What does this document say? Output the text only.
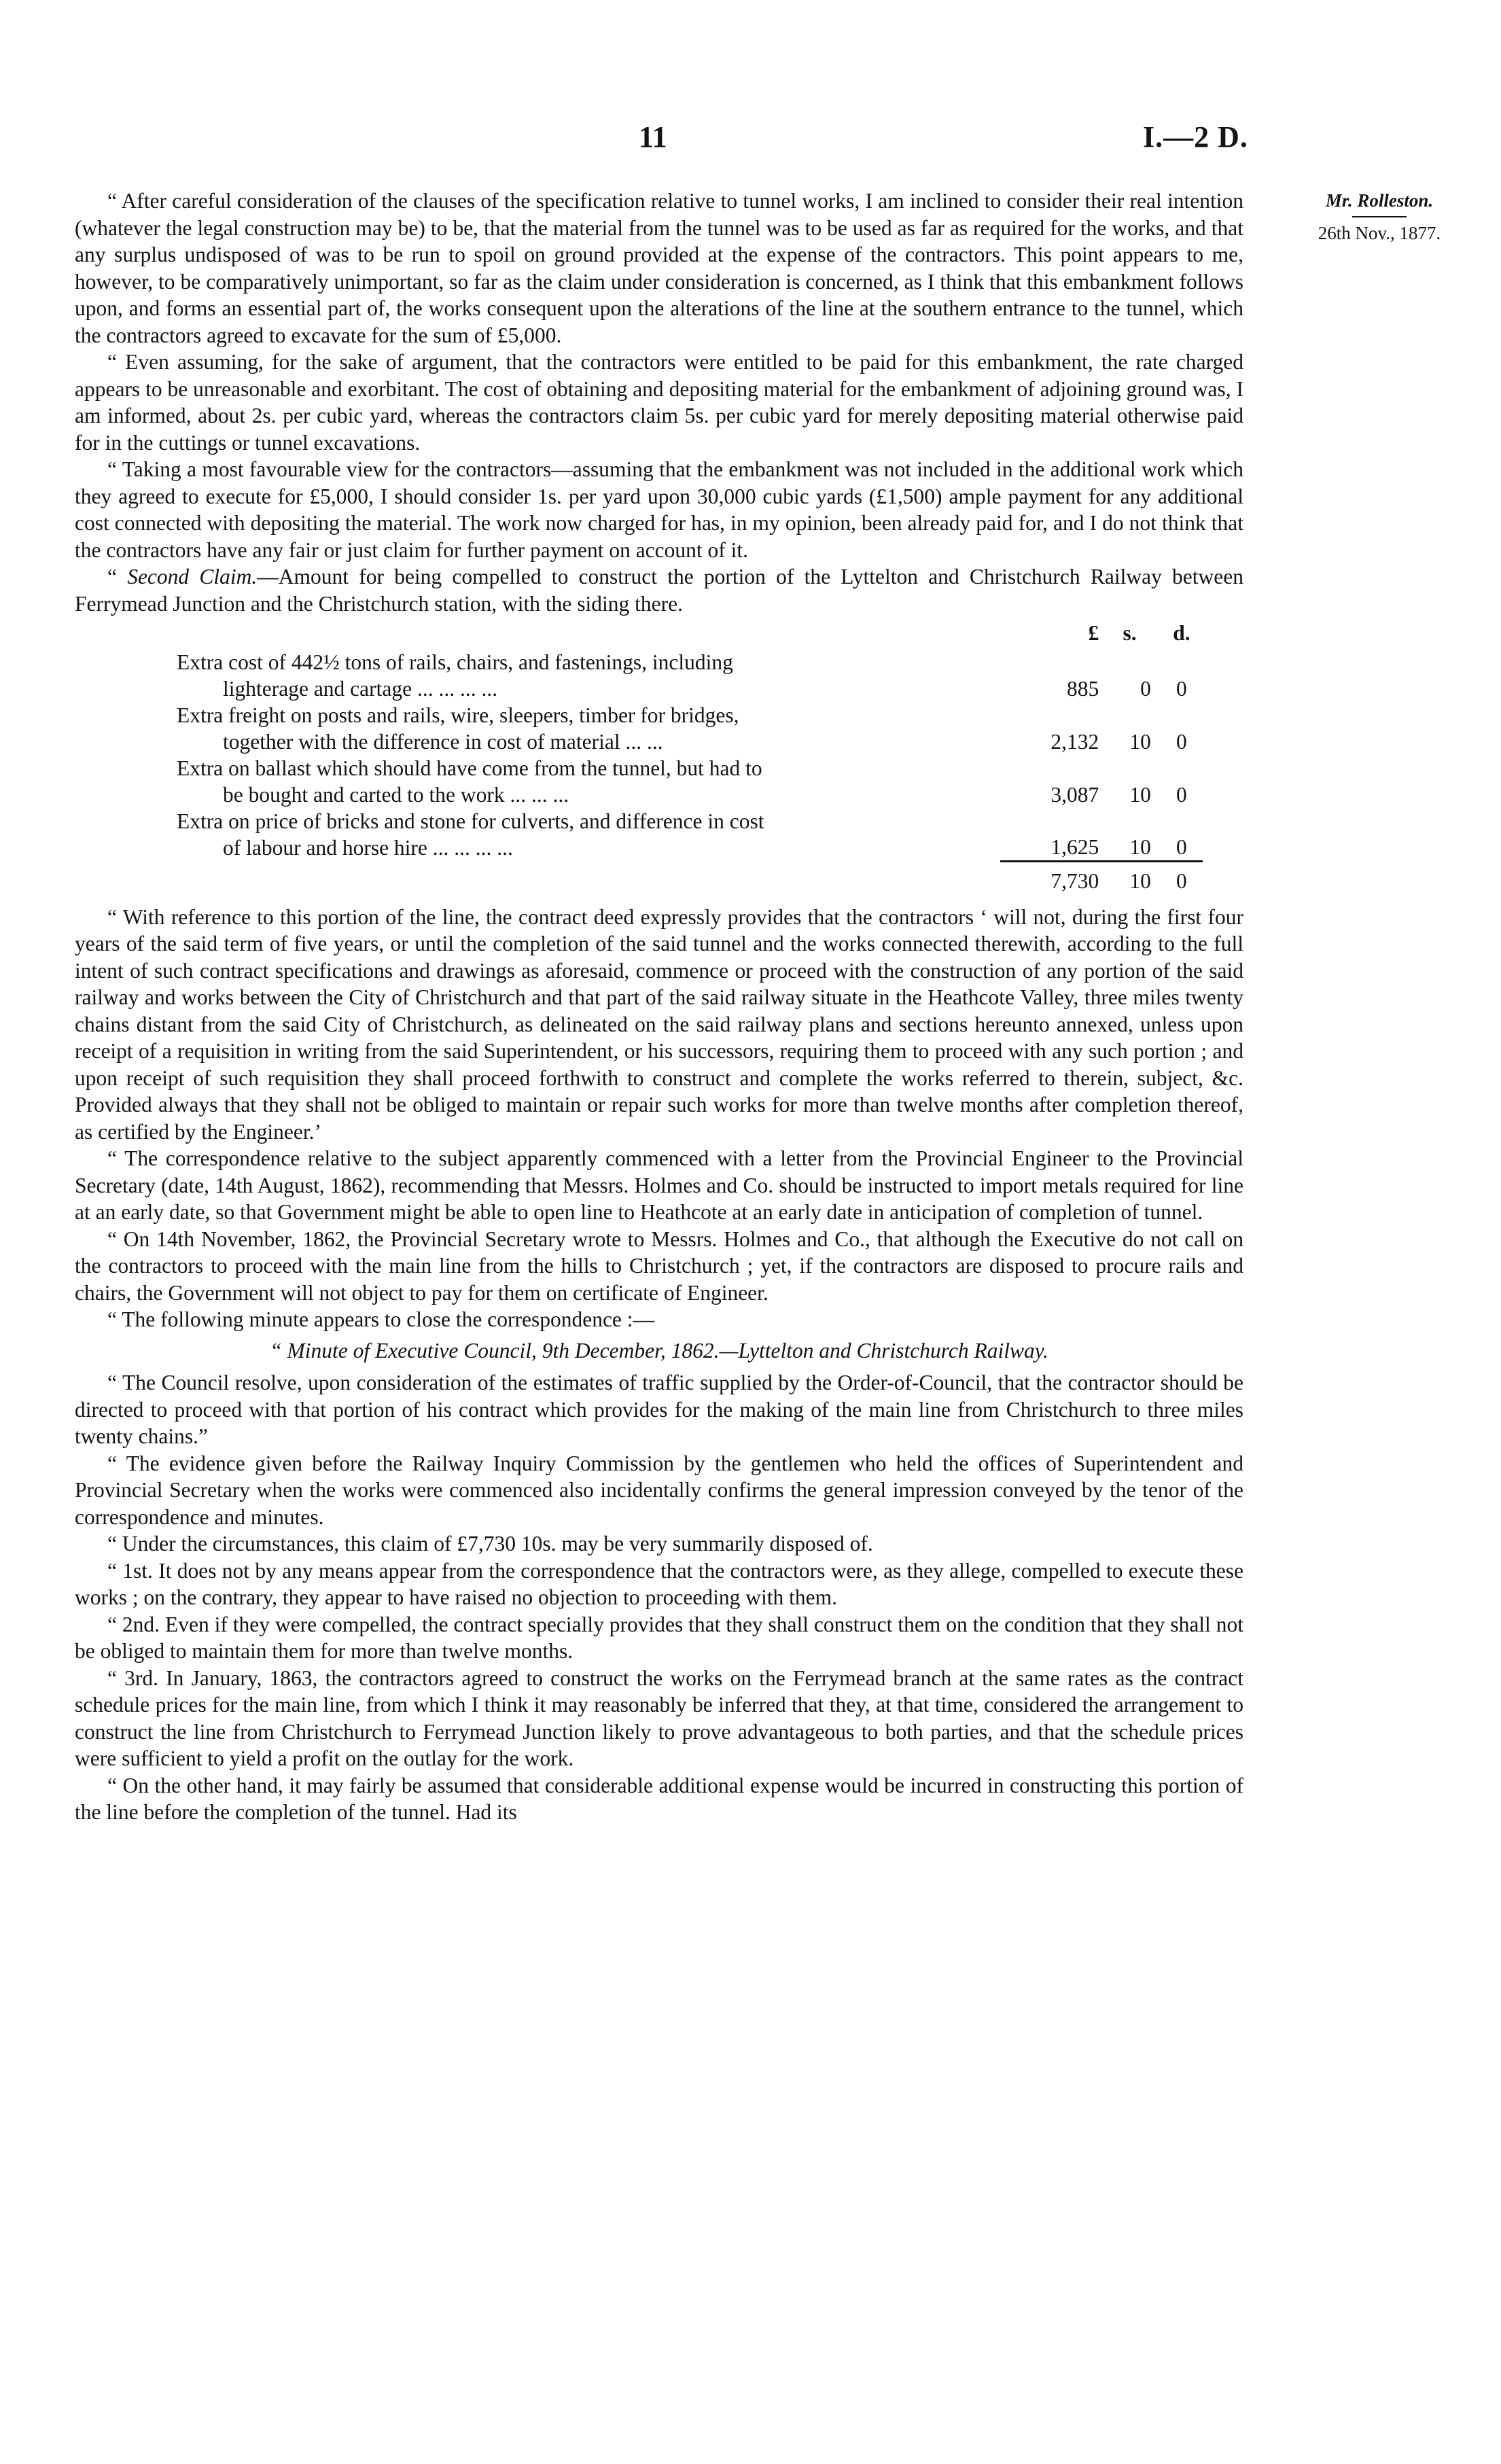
11	I.—2 D.
Mr. Rolleston.
26th Nov., 1877.

“ After careful consideration of the clauses of the specification relative to tunnel works, I am inclined to consider their real intention (whatever the legal construction may be) to be, that the material from the tunnel was to be used as far as required for the works, and that any surplus undisposed of was to be run to spoil on ground provided at the expense of the contractors. This point appears to me, however, to be comparatively unimportant, so far as the claim under consideration is concerned, as I think that this embankment follows upon, and forms an essential part of, the works consequent upon the alterations of the line at the southern entrance to the tunnel, which the contractors agreed to excavate for the sum of £5,000.

“ Even assuming, for the sake of argument, that the contractors were entitled to be paid for this embankment, the rate charged appears to be unreasonable and exorbitant. The cost of obtaining and depositing material for the embankment of adjoining ground was, I am informed, about 2s. per cubic yard, whereas the contractors claim 5s. per cubic yard for merely depositing material otherwise paid for in the cuttings or tunnel excavations.

“ Taking a most favourable view for the contractors—assuming that the embankment was not included in the additional work which they agreed to execute for £5,000, I should consider 1s. per yard upon 30,000 cubic yards (£1,500) ample payment for any additional cost connected with depositing the material. The work now charged for has, in my opinion, been already paid for, and I do not think that the contractors have any fair or just claim for further payment on account of it.

“ Second Claim.—Amount for being compelled to construct the portion of the Lyttelton and Christchurch Railway between Ferrymead Junction and the Christchurch station, with the siding there.

	£	s.	d.
Extra cost of 442½ tons of rails, chairs, and fastenings, including
lighterage and cartage ... ... ... ...	885	0	0
Extra freight on posts and rails, wire, sleepers, timber for bridges,
together with the difference in cost of material ... ...	2,132	10	0
Extra on ballast which should have come from the tunnel, but had to
be bought and carted to the work ... ... ...	3,087	10	0
Extra on price of bricks and stone for culverts, and difference in cost
of labour and horse hire ... ... ... ...	1,625	10	0
	7,730	10	0

“ With reference to this portion of the line, the contract deed expressly provides that the contractors ‘ will not, during the first four years of the said term of five years, or until the completion of the said tunnel and the works connected therewith, according to the full intent of such contract specifications and drawings as aforesaid, commence or proceed with the construction of any portion of the said railway and works between the City of Christchurch and that part of the said railway situate in the Heathcote Valley, three miles twenty chains distant from the said City of Christchurch, as delineated on the said railway plans and sections hereunto annexed, unless upon receipt of a requisition in writing from the said Superintendent, or his successors, requiring them to proceed with any such portion ; and upon receipt of such requisition they shall proceed forthwith to construct and complete the works referred to therein, subject, &c. Provided always that they shall not be obliged to maintain or repair such works for more than twelve months after completion thereof, as certified by the Engineer.’

“ The correspondence relative to the subject apparently commenced with a letter from the Provincial Engineer to the Provincial Secretary (date, 14th August, 1862), recommending that Messrs. Holmes and Co. should be instructed to import metals required for line at an early date, so that Government might be able to open line to Heathcote at an early date in anticipation of completion of tunnel.

“ On 14th November, 1862, the Provincial Secretary wrote to Messrs. Holmes and Co., that although the Executive do not call on the contractors to proceed with the main line from the hills to Christchurch ; yet, if the contractors are disposed to procure rails and chairs, the Government will not object to pay for them on certificate of Engineer.

“ The following minute appears to close the correspondence :—

“ Minute of Executive Council, 9th December, 1862.—Lyttelton and Christchurch Railway.

“ The Council resolve, upon consideration of the estimates of traffic supplied by the Order-of-Council, that the contractor should be directed to proceed with that portion of his contract which provides for the making of the main line from Christchurch to three miles twenty chains.”

“ The evidence given before the Railway Inquiry Commission by the gentlemen who held the offices of Superintendent and Provincial Secretary when the works were commenced also incidentally confirms the general impression conveyed by the tenor of the correspondence and minutes.

“ Under the circumstances, this claim of £7,730 10s. may be very summarily disposed of.

“ 1st. It does not by any means appear from the correspondence that the contractors were, as they allege, compelled to execute these works ; on the contrary, they appear to have raised no objection to proceeding with them.

“ 2nd. Even if they were compelled, the contract specially provides that they shall construct them on the condition that they shall not be obliged to maintain them for more than twelve months.

“ 3rd. In January, 1863, the contractors agreed to construct the works on the Ferrymead branch at the same rates as the contract schedule prices for the main line, from which I think it may reasonably be inferred that they, at that time, considered the arrangement to construct the line from Christchurch to Ferrymead Junction likely to prove advantageous to both parties, and that the schedule prices were sufficient to yield a profit on the outlay for the work.

“ On the other hand, it may fairly be assumed that considerable additional expense would be incurred in constructing this portion of the line before the completion of the tunnel. Had its
